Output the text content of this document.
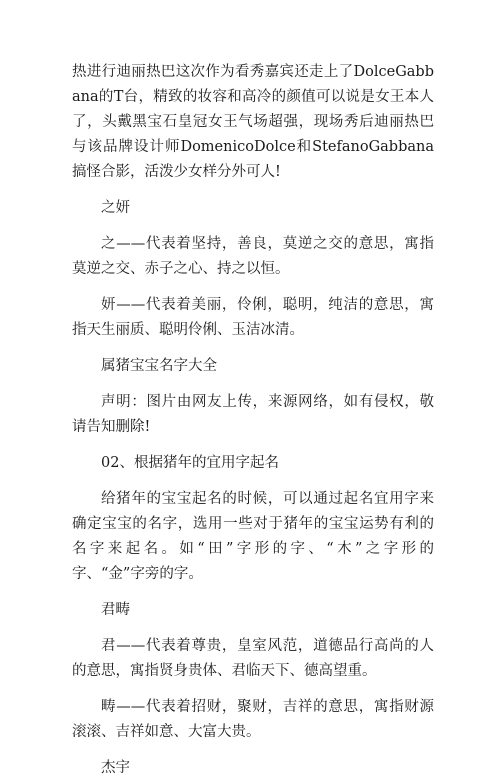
热进行迪丽热巴这次作为看秀嘉宾还走上了DolceGabbana的T台，精致的妆容和高冷的颜值可以说是女王本人了，头戴黑宝石皇冠女王气场超强，现场秀后迪丽热巴与该品牌设计师DomenicoDolce和StefanoGabbana搞怪合影，活泼少女样分外可人!

之妍

之——代表着坚持，善良，莫逆之交的意思，寓指莫逆之交、赤子之心、持之以恒。

妍——代表着美丽，伶俐，聪明，纯洁的意思，寓指天生丽质、聪明伶俐、玉洁冰清。

属猪宝宝名字大全

声明：图片由网友上传，来源网络，如有侵权，敬请告知删除!

02、根据猪年的宜用字起名

给猪年的宝宝起名的时候，可以通过起名宜用字来确定宝宝的名字，选用一些对于猪年的宝宝运势有利的名字来起名。如“田”字形的字、“木”之字形的字、“金”字旁的字。

君畴

君——代表着尊贵，皇室风范，道德品行高尚的人的意思，寓指贤身贵体、君临天下、德高望重。

畴——代表着招财，聚财，吉祥的意思，寓指财源滚滚、吉祥如意、大富大贵。

杰宇
